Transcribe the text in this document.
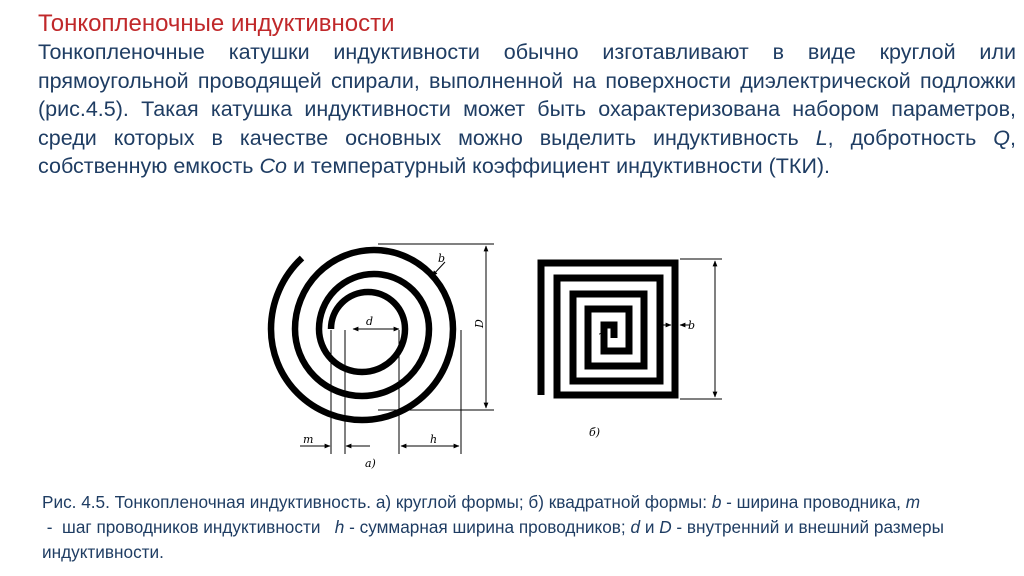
Тонкопленочные индуктивности

Тонкопленочные катушки индуктивности обычно изготавливают в виде круглой или прямоугольной проводящей спирали, выполненной на поверхности диэлектрической подложки (рис.4.5). Такая катушка индуктивности может быть охарактеризована набором параметров, среди которых в качестве основных можно выделить индуктивность L, добротность Q, собственную емкость Co и температурный коэффициент индуктивности (ТКИ).

d
b
D
m	h
а)
b
d
б)

Рис. 4.5. Тонкопленочная индуктивность. а) круглой формы; б) квадратной формы: b - ширина проводника, m -  шаг проводников индуктивности   h - суммарная ширина проводников; d и D - внутренний и внешний размеры индуктивности.
